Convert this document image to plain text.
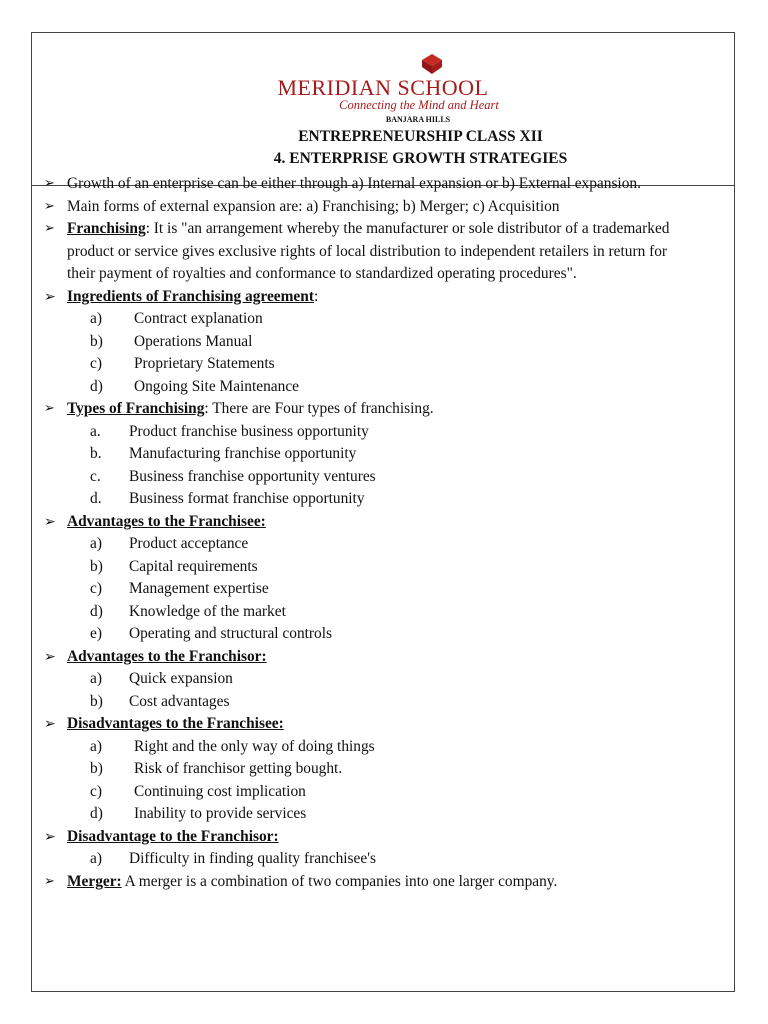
MERIDIAN SCHOOL
Connecting the Mind and Heart
BANJARA HILLS
ENTREPRENEURSHIP CLASS XII
4. ENTERPRISE GROWTH STRATEGIES
➢ Growth of an enterprise can be either through a) Internal expansion or b) External expansion.
➢ Main forms of external expansion are: a) Franchising; b) Merger; c) Acquisition
➢ Franchising: It is "an arrangement whereby the manufacturer or sole distributor of a trademarked product or service gives exclusive rights of local distribution to independent retailers in return for their payment of royalties and conformance to standardized operating procedures".
➢ Ingredients of Franchising agreement:
a)	Contract explanation
b)	Operations Manual
c)	Proprietary Statements
d)	Ongoing Site Maintenance
➢ Types of Franchising: There are Four types of franchising.
a.	Product franchise business opportunity
b.	Manufacturing franchise opportunity
c.	Business franchise opportunity ventures
d.	Business format franchise opportunity
➢ Advantages to the Franchisee:
a)	Product acceptance
b)	Capital requirements
c)	Management expertise
d)	Knowledge of the market
e)	Operating and structural controls
➢ Advantages to the Franchisor:
a)	Quick expansion
b)	Cost advantages
➢ Disadvantages to the Franchisee:
a)	Right and the only way of doing things
b)	Risk of franchisor getting bought.
c)	Continuing cost implication
d)	Inability to provide services
➢ Disadvantage to the Franchisor:
a)	Difficulty in finding quality franchisee's
➢ Merger: A merger is a combination of two companies into one larger company.
